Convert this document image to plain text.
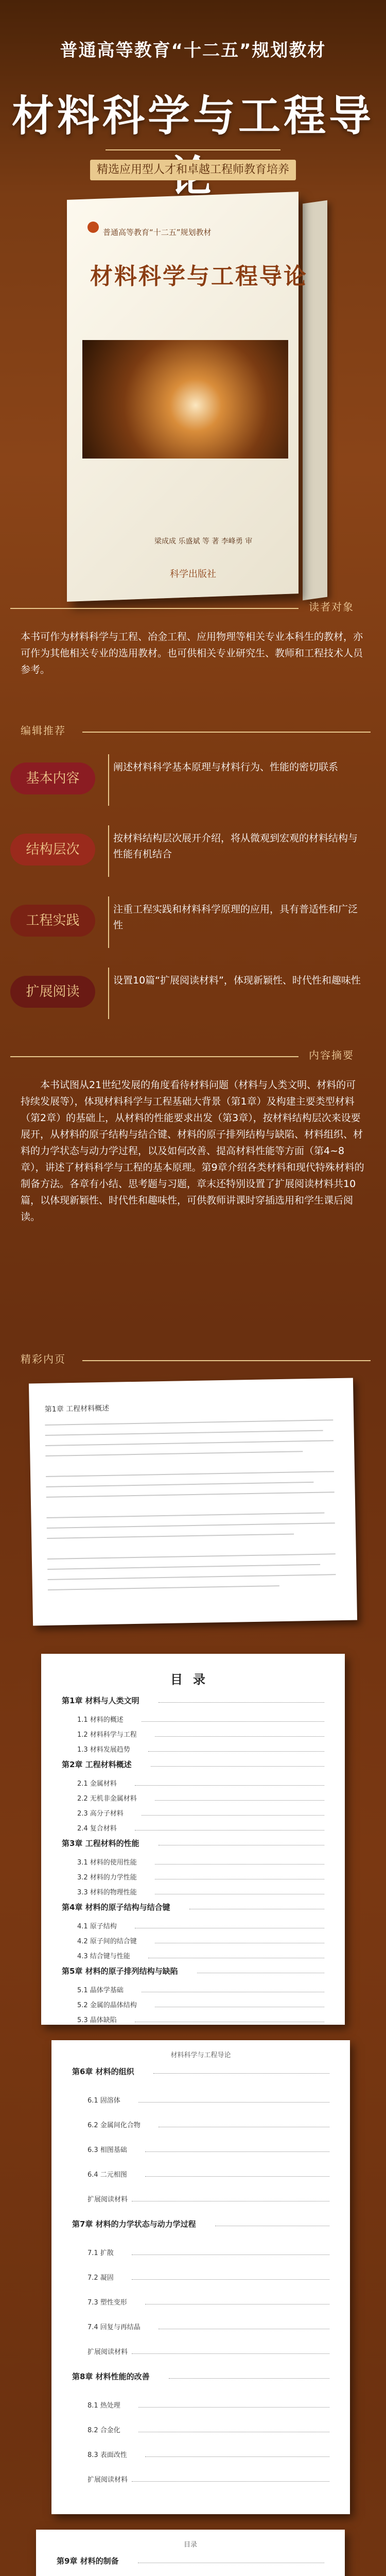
普通高等教育“十二五”规划教材
材料科学与工程导
精选应用型人才和卓越工程师教育培养
普通高等教育“十二五”规划教材
材料科学与工程导论
梁成成 乐盛斌 等 著 李峰勇 审
科学出版社
读者对象
本书可作为材料科学与工程、冶金工程、应用物理等相关专业本科生的教材，亦可作为其他相关专业的选用教材。也可供相关专业研究生、教师和工程技术人员参考。
编辑推荐
基本内容
阐述材料科学基本原理与材料行为、性能的密切联系
结构层次
按材料结构层次展开介绍，将从微观到宏观的材料结构与性能有机结合
工程实践
注重工程实践和材料科学原理的应用，具有普适性和广泛性
扩展阅读
设置10篇“扩展阅读材料”，体现新颖性、时代性和趣味性
内容摘要
本书试图从21世纪发展的角度看待材料问题（材料与人类文明、材料的可持续发展等），体现材料科学与工程基础大背景（第1章）及构建主要类型材料（第2章）的基础上，从材料的性能要求出发（第3章），按材料结构层次来设要展开，从材料的原子结构与结合键、材料的原子排列结构与缺陷、材料组织、材料的力学状态与动力学过程，以及如何改善、提高材料性能等方面（第4~8章），讲述了材料科学与工程的基本原理。第9章介绍各类材料和现代特殊材料的制备方法。各章有小结、思考题与习题，章末还特别设置了扩展阅读材料共10篇，以体现新颖性、时代性和趣味性，可供教师讲课时穿插选用和学生课后阅读。
精彩内页
第1章 工程材料概述
目录
第1章 材料与人类文明
1.1 材料的概述
1.2 材料科学与工程
1.3 材料发展趋势
第2章 工程材料概述
2.1 金属材料
2.2 无机非金属材料
2.3 高分子材料
2.4 复合材料
第3章 工程材料的性能
3.1 材料的使用性能
3.2 材料的力学性能
3.3 材料的物理性能
第4章 材料的原子结构与结合键
4.1 原子结构
4.2 原子间的结合键
4.3 结合键与性能
第5章 材料的原子排列结构与缺陷
5.1 晶体学基础
5.2 金属的晶体结构
5.3 晶体缺陷
材料科学与工程导论
第6章 材料的组织
6.1 固溶体
6.2 金属间化合物
6.3 相图基础
6.4 二元相图
扩展阅读材料
第7章 材料的力学状态与动力学过程
7.1 扩散
7.2 凝固
7.3 塑性变形
7.4 回复与再结晶
扩展阅读材料
第8章 材料性能的改善
8.1 热处理
8.2 合金化
8.3 表面改性
扩展阅读材料
目录
第9章 材料的制备
